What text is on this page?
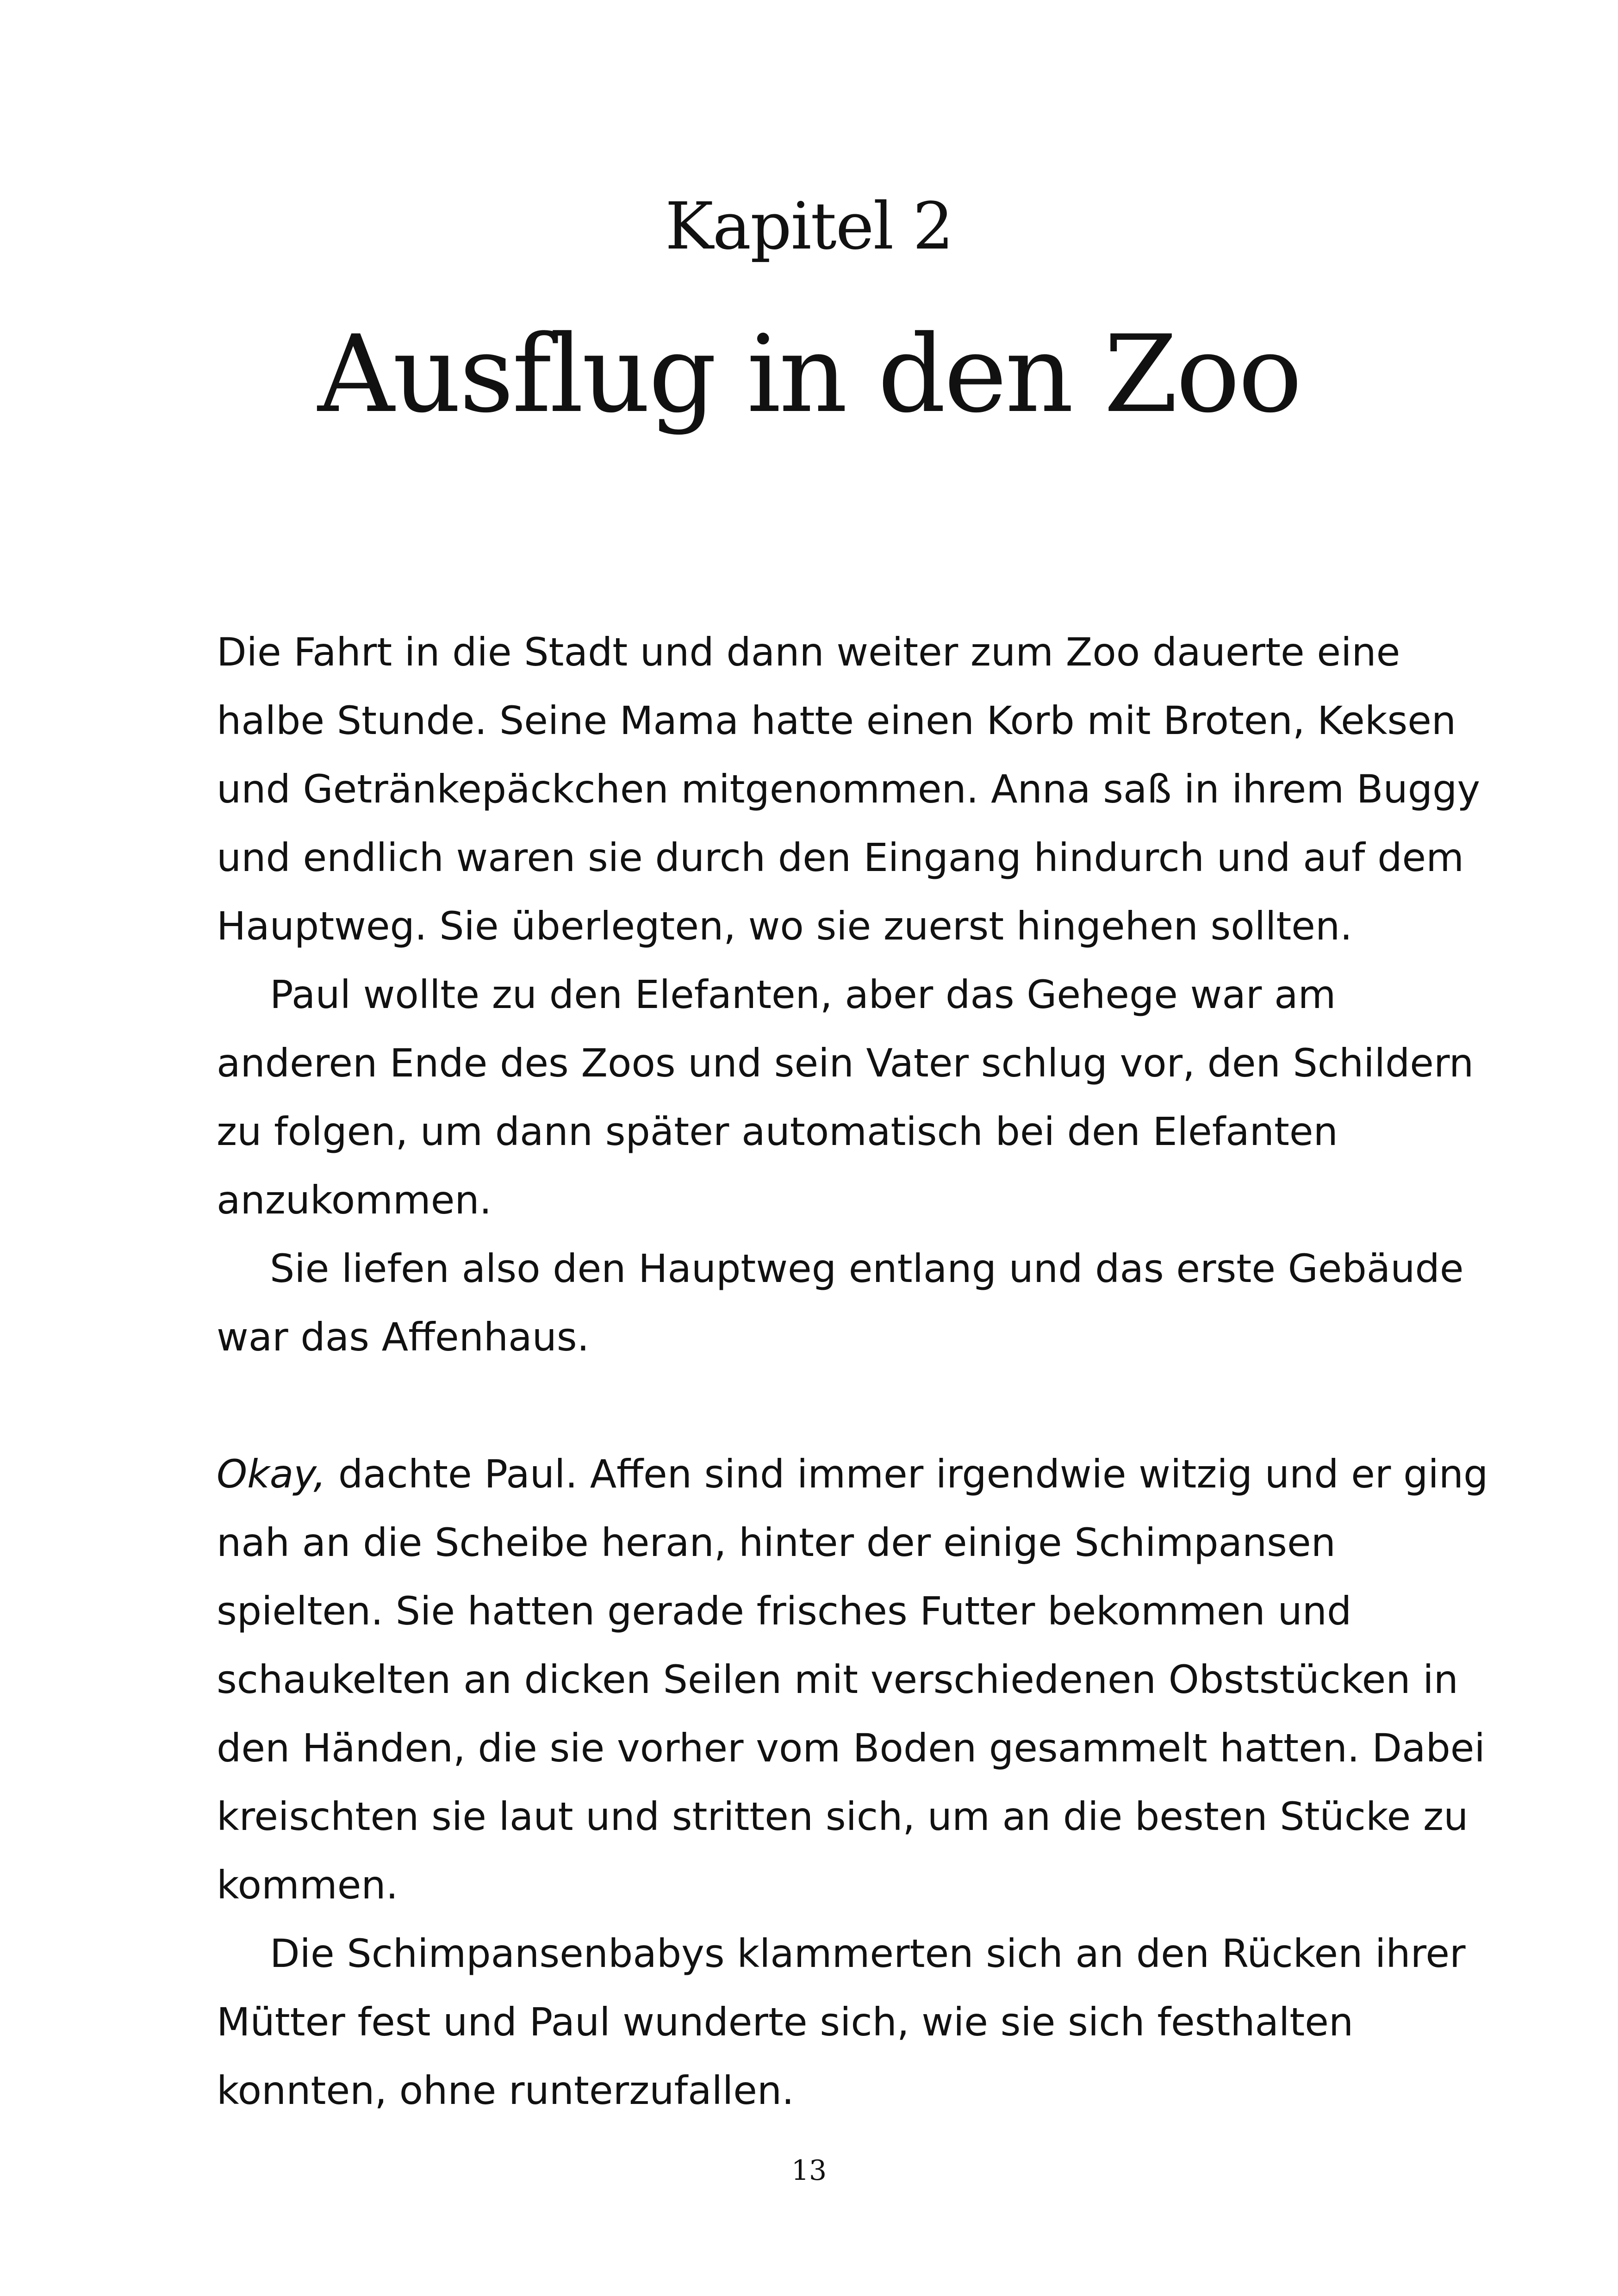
Kapitel 2
Ausflug in den Zoo

Die Fahrt in die Stadt und dann weiter zum Zoo dauerte eine halbe Stunde. Seine Mama hatte einen Korb mit Broten, Keksen und Getränkepäckchen mitgenommen. Anna saß in ihrem Buggy und endlich waren sie durch den Eingang hindurch und auf dem Hauptweg. Sie überlegten, wo sie zuerst hingehen sollten.

Paul wollte zu den Elefanten, aber das Gehege war am anderen Ende des Zoos und sein Vater schlug vor, den Schildern zu folgen, um dann später automatisch bei den Elefanten anzukommen.

Sie liefen also den Hauptweg entlang und das erste Gebäude war das Affenhaus.

Okay, dachte Paul. Affen sind immer irgendwie witzig und er ging nah an die Scheibe heran, hinter der einige Schimpansen spielten. Sie hatten gerade frisches Futter bekommen und schaukelten an dicken Seilen mit verschiedenen Obststücken in den Händen, die sie vorher vom Boden gesammelt hatten. Dabei kreischten sie laut und stritten sich, um an die besten Stücke zu kommen.

Die Schimpansenbabys klammerten sich an den Rücken ihrer Mütter fest und Paul wunderte sich, wie sie sich festhalten konnten, ohne runterzufallen.

13
